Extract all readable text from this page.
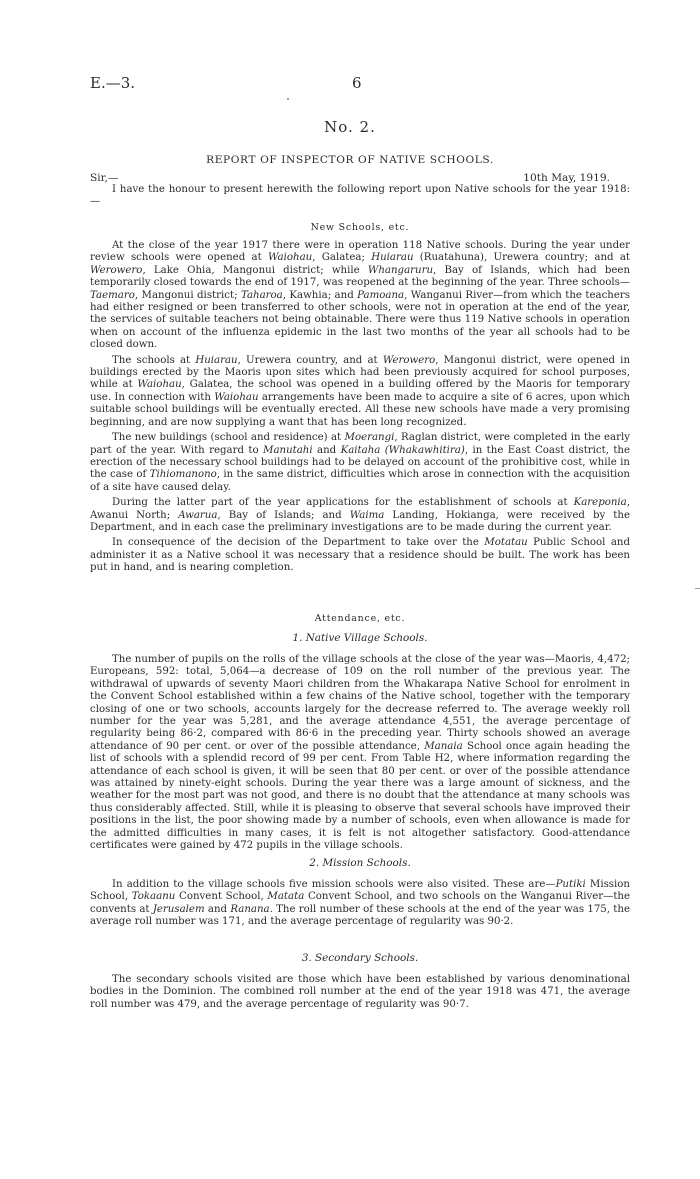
E.—3.	6
No. 2.
REPORT OF INSPECTOR OF NATIVE SCHOOLS.
Sir,—	10th May, 1919.

I have the honour to present herewith the following report upon Native schools for the year 1918:—

New Schools, etc.

At the close of the year 1917 there were in operation 118 Native schools. During the year under review schools were opened at Waiohau, Galatea; Huiarau (Ruatahuna), Urewera country; and at Werowero, Lake Ohia, Mangonui district; while Whangaruru, Bay of Islands, which had been temporarily closed towards the end of 1917, was reopened at the beginning of the year. Three schools—Taemaro, Mangonui district; Taharoa, Kawhia; and Pamoana, Wanganui River—from which the teachers had either resigned or been transferred to other schools, were not in operation at the end of the year, the services of suitable teachers not being obtainable. There were thus 119 Native schools in operation when on account of the influenza epidemic in the last two months of the year all schools had to be closed down.

The schools at Huiarau, Urewera country, and at Werowero, Mangonui district, were opened in buildings erected by the Maoris upon sites which had been previously acquired for school purposes, while at Waiohau, Galatea, the school was opened in a building offered by the Maoris for temporary use. In connection with Waiohau arrangements have been made to acquire a site of 6 acres, upon which suitable school buildings will be eventually erected. All these new schools have made a very promising beginning, and are now supplying a want that has been long recognized.

The new buildings (school and residence) at Moerangi, Raglan district, were completed in the early part of the year. With regard to Manutahi and Kaitaha (Whakawhitira), in the East Coast district, the erection of the necessary school buildings had to be delayed on account of the prohibitive cost, while in the case of Tihiomanono, in the same district, difficulties which arose in connection with the acquisition of a site have caused delay.

During the latter part of the year applications for the establishment of schools at Kareponia, Awanui North; Awarua, Bay of Islands; and Waima Landing, Hokianga, were received by the Department, and in each case the preliminary investigations are to be made during the current year.

In consequence of the decision of the Department to take over the Motatau Public School and administer it as a Native school it was necessary that a residence should be built. The work has been put in hand, and is nearing completion.

Attendance, etc.

1. Native Village Schools.

The number of pupils on the rolls of the village schools at the close of the year was—Maoris, 4,472; Europeans, 592: total, 5,064—a decrease of 109 on the roll number of the previous year. The withdrawal of upwards of seventy Maori children from the Whakarapa Native School for enrolment in the Convent School established within a few chains of the Native school, together with the temporary closing of one or two schools, accounts largely for the decrease referred to. The average weekly roll number for the year was 5,281, and the average attendance 4,551, the average percentage of regularity being 86·2, compared with 86·6 in the preceding year. Thirty schools showed an average attendance of 90 per cent. or over of the possible attendance, Manaia School once again heading the list of schools with a splendid record of 99 per cent. From Table H2, where information regarding the attendance of each school is given, it will be seen that 80 per cent. or over of the possible attendance was attained by ninety-eight schools. During the year there was a large amount of sickness, and the weather for the most part was not good, and there is no doubt that the attendance at many schools was thus considerably affected. Still, while it is pleasing to observe that several schools have improved their positions in the list, the poor showing made by a number of schools, even when allowance is made for the admitted difficulties in many cases, it is felt is not altogether satisfactory. Good-attendance certificates were gained by 472 pupils in the village schools.

2. Mission Schools.

In addition to the village schools five mission schools were also visited. These are—Putiki Mission School, Tokaanu Convent School, Matata Convent School, and two schools on the Wanganui River—the convents at Jerusalem and Ranana. The roll number of these schools at the end of the year was 175, the average roll number was 171, and the average percentage of regularity was 90·2.

3. Secondary Schools.

The secondary schools visited are those which have been established by various denominational bodies in the Dominion. The combined roll number at the end of the year 1918 was 471, the average roll number was 479, and the average percentage of regularity was 90·7.
